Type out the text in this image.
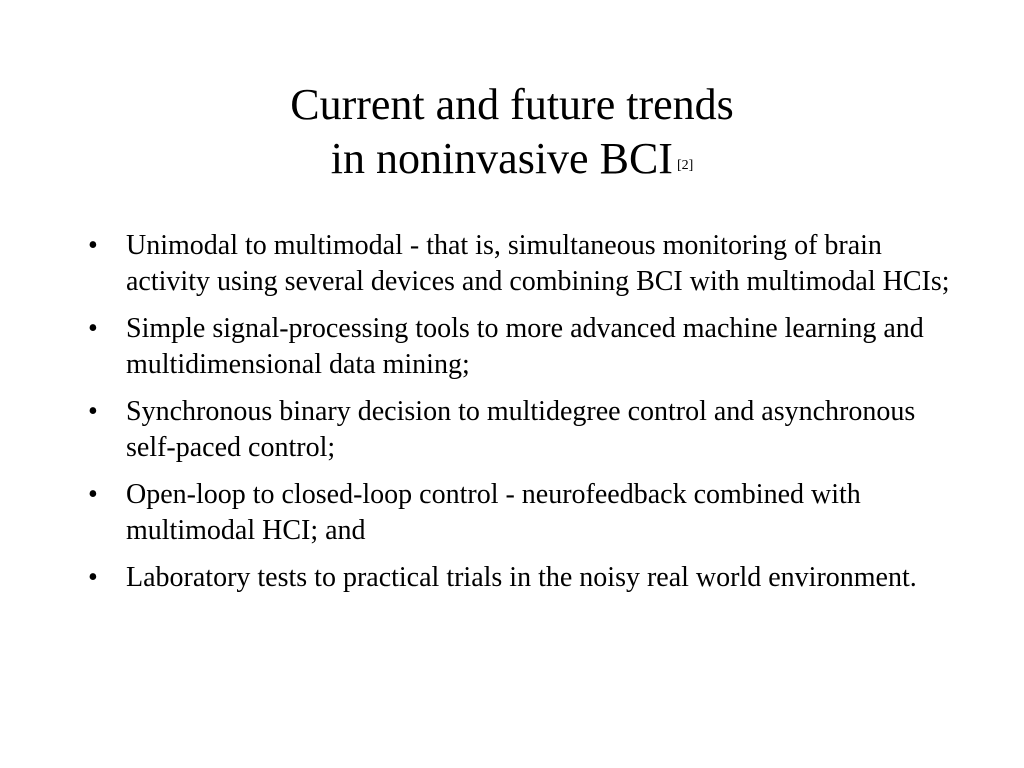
Current and future trends
in noninvasive BCI [2]
•	Unimodal to multimodal - that is, simultaneous monitoring of brain activity using several devices and combining BCI with multimodal HCIs;
•	Simple signal-processing tools to more advanced machine learning and multidimensional data mining;
•	Synchronous binary decision to multidegree control and asynchronous self-paced control;
•	Open-loop to closed-loop control - neurofeedback combined with multimodal HCI; and
•	Laboratory tests to practical trials in the noisy real world environment.
